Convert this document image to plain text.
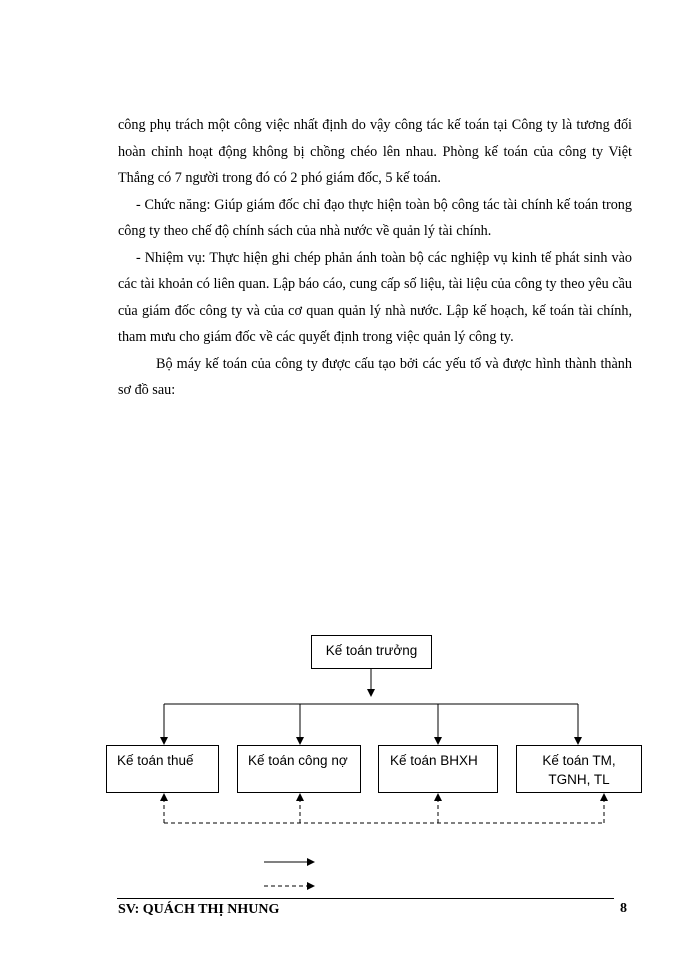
công phụ trách một công việc nhất định do vậy công tác kế toán tại Công ty là tương đối hoàn chỉnh hoạt động không bị chồng chéo lên nhau. Phòng kế toán của công ty Việt Thắng có 7 người trong đó có 2 phó giám đốc, 5 kế toán.

- Chức năng: Giúp giám đốc chỉ đạo thực hiện toàn bộ công tác tài chính kế toán trong công ty theo chế độ chính sách của nhà nước về quản lý tài chính.

- Nhiệm vụ: Thực hiện ghi chép phản ánh toàn bộ các nghiệp vụ kinh tế phát sinh vào các tài khoản có liên quan. Lập báo cáo, cung cấp số liệu, tài liệu của công ty theo yêu cầu của giám đốc công ty và của cơ quan quản lý nhà nước. Lập kế hoạch, kế toán tài chính, tham mưu cho giám đốc về các quyết định trong việc quản lý công ty.

Bộ máy kế toán của công ty được cấu tạo bởi các yếu tố và được hình thành thành sơ đồ sau:

Kế toán trưởng
Kế toán thuế	Kế toán công nợ	Kế toán BHXH	Kế toán TM,
TGNH, TL
SV: QUÁCH THỊ NHUNG	8
